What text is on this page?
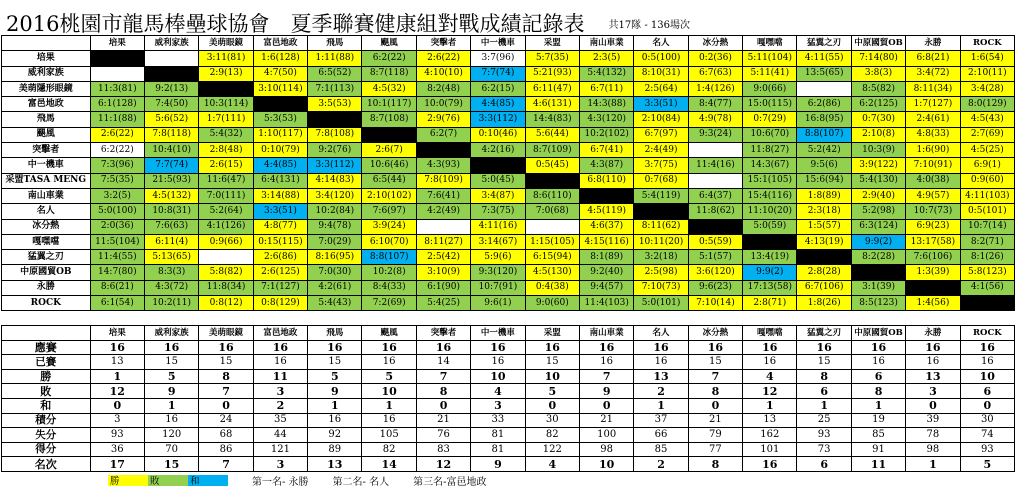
2016桃園市龍馬棒壘球協會　夏季聯賽健康組對戰成績記錄表 共17隊 - 136場次
	培果	威利家族	美萌眼鏡	富邑地政	飛馬	颶風	突擊者	中一機車	采盟	南山車業	名人	冰分熱	嘎嘿噹	猛翼之刃	中原國貿OB	永勝	ROCK
培果			3:11(81)	1:6(128)	1:11(88)	6:2(22)	2:6(22)	3:7(96)	5:7(35)	2:3(5)	0:5(100)	0:2(36)	5:11(104)	4:11(55)	7:14(80)	6:8(21)	1:6(54)
威利家族			2:9(13)	4:7(50)	6:5(52)	8:7(118)	4:10(10)	7:7(74)	5:21(93)	5:4(132)	8:10(31)	6:7(63)	5:11(41)	13:5(65)	3:8(3)	3:4(72)	2:10(11)
美萌隱形眼鏡	11:3(81)	9:2(13)		3:10(114)	7:1(113)	4:5(32)	8:2(48)	6:2(15)	6:11(47)	6:7(11)	2:5(64)	1:4(126)	9:0(66)		8:5(82)	8:11(34)	3:4(28)
富邑地政	6:1(128)	7:4(50)	10:3(114)		3:5(53)	10:1(117)	10:0(79)	4:4(85)	4:6(131)	14:3(88)	3:3(51)	8:4(77)	15:0(115)	6:2(86)	6:2(125)	1:7(127)	8:0(129)
飛馬	11:1(88)	5:6(52)	1:7(111)	5:3(53)		8:7(108)	2:9(76)	3:3(112)	14:4(83)	4:3(120)	2:10(84)	4:9(78)	0:7(29)	16:8(95)	0:7(30)	2:4(61)	4:5(43)
颶風	2:6(22)	7:8(118)	5:4(32)	1:10(117)	7:8(108)		6:2(7)	0:10(46)	5:6(44)	10:2(102)	6:7(97)	9:3(24)	10:6(70)	8:8(107)	2:10(8)	4:8(33)	2:7(69)
突擊者	6:2(22)	10:4(10)	2:8(48)	0:10(79)	9:2(76)	2:6(7)		4:2(16)	8:7(109)	6:7(41)	2:4(49)		11:8(27)	5:2(42)	10:3(9)	1:6(90)	4:5(25)
中一機車	7:3(96)	7:7(74)	2:6(15)	4:4(85)	3:3(112)	10:6(46)	4:3(93)		0:5(45)	4:3(87)	3:7(75)	11:4(16)	14:3(67)	9:5(6)	3:9(122)	7:10(91)	6:9(1)
采盟TASA MENG	7:5(35)	21:5(93)	11:6(47)	6:4(131)	4:14(83)	6:5(44)	7:8(109)	5:0(45)		6:8(110)	0:7(68)		15:1(105)	15:6(94)	5:4(130)	4:0(38)	0:9(60)
南山車業	3:2(5)	4:5(132)	7:0(111)	3:14(88)	3:4(120)	2:10(102)	7:6(41)	3:4(87)	8:6(110)		5:4(119)	6:4(37)	15:4(116)	1:8(89)	2:9(40)	4:9(57)	4:11(103)
名人	5:0(100)	10:8(31)	5:2(64)	3:3(51)	10:2(84)	7:6(97)	4:2(49)	7:3(75)	7:0(68)	4:5(119)		11:8(62)	11:10(20)	2:3(18)	5:2(98)	10:7(73)	0:5(101)
冰分熱	2:0(36)	7:6(63)	4:1(126)	4:8(77)	9:4(78)	3:9(24)		4:11(16)		4:6(37)	8:11(62)		5:0(59)	1:5(57)	6:3(124)	6:9(23)	10:7(14)
嘎嘿噹	11:5(104)	6:11(4)	0:9(66)	0:15(115)	7:0(29)	6:10(70)	8:11(27)	3:14(67)	1:15(105)	4:15(116)	10:11(20)	0:5(59)		4:13(19)	9:9(2)	13:17(58)	8:2(71)
猛翼之刃	11:4(55)	5:13(65)		2:6(86)	8:16(95)	8:8(107)	2:5(42)	5:9(6)	6:15(94)	8:1(89)	3:2(18)	5:1(57)	13:4(19)		8:2(28)	7:6(106)	8:1(26)
中原國貿OB	14:7(80)	8:3(3)	5:8(82)	2:6(125)	7:0(30)	10:2(8)	3:10(9)	9:3(120)	4:5(130)	9:2(40)	2:5(98)	3:6(120)	9:9(2)	2:8(28)		1:3(39)	5:8(123)
永勝	8:6(21)	4:3(72)	11:8(34)	7:1(127)	4:2(61)	8:4(33)	6:1(90)	10:7(91)	0:4(38)	9:4(57)	7:10(73)	9:6(23)	17:13(58)	6:7(106)	3:1(39)		4:1(56)
ROCK	6:1(54)	10:2(11)	0:8(12)	0:8(129)	5:4(43)	7:2(69)	5:4(25)	9:6(1)	9:0(60)	11:4(103)	5:0(101)	7:10(14)	2:8(71)	1:8(26)	8:5(123)	1:4(56)	
	培果	威利家族	美萌眼鏡	富邑地政	飛馬	颶風	突擊者	中一機車	采盟	南山車業	名人	冰分熱	嘎嘿噹	猛翼之刃	中原國貿OB	永勝	ROCK
應賽	16	16	16	16	16	16	16	16	16	16	16	16	16	16	16	16	16
已賽	13	15	15	16	15	16	14	16	15	16	16	15	16	15	16	16	16
勝	1	5	8	11	5	5	7	10	10	7	13	7	4	8	6	13	10
敗	12	9	7	3	9	10	8	4	5	9	2	8	12	6	8	3	6
和	0	1	0	2	1	1	0	3	0	0	1	0	1	1	1	0	0
積分	3	16	24	35	16	16	21	33	30	21	37	21	13	25	19	39	30
失分	93	120	68	44	92	105	76	81	82	100	66	79	162	93	85	78	74
得分	36	70	86	121	89	82	83	81	122	98	85	77	101	73	91	98	93
名次	17	15	7	3	13	14	12	9	4	10	2	8	16	6	11	1	5
勝	敗	和	第一名- 永勝 第二名- 名人 第三名-富邑地政
